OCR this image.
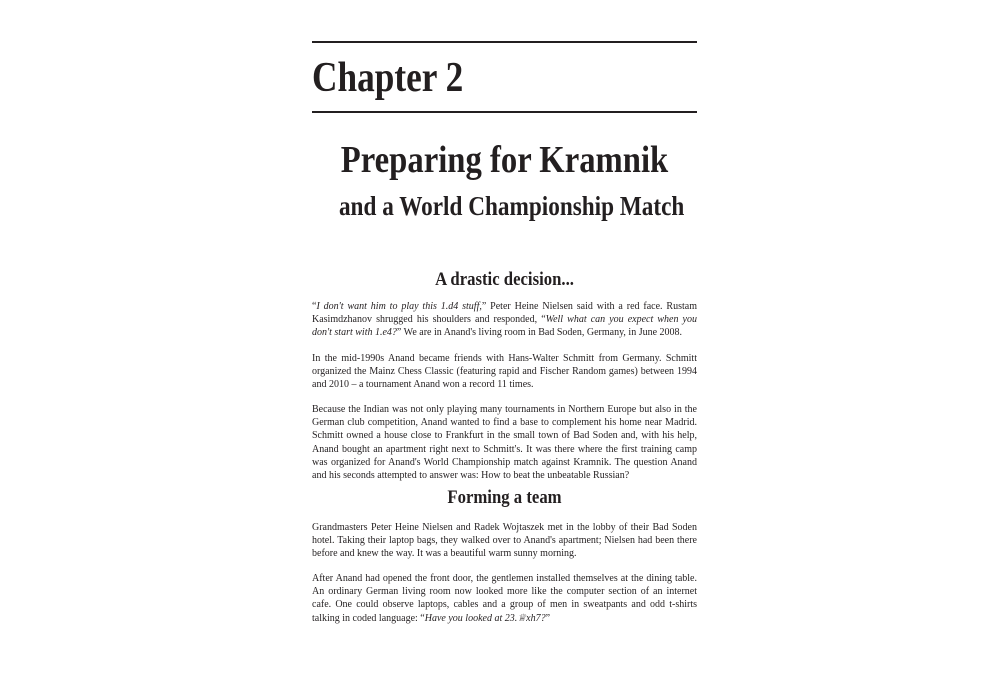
Chapter 2
Preparing for Kramnik
and a World Championship Match
A drastic decision...

“I don't want him to play this 1.d4 stuff,” Peter Heine Nielsen said with a red face. Rustam Kasimdzhanov shrugged his shoulders and responded, “Well what can you expect when you don't start with 1.e4?” We are in Anand's living room in Bad Soden, Germany, in June 2008.

In the mid-1990s Anand became friends with Hans-Walter Schmitt from Germany. Schmitt organized the Mainz Chess Classic (featuring rapid and Fischer Random games) between 1994 and 2010 – a tournament Anand won a record 11 times.

Because the Indian was not only playing many tournaments in Northern Europe but also in the German club competition, Anand wanted to find a base to complement his home near Madrid. Schmitt owned a house close to Frankfurt in the small town of Bad Soden and, with his help, Anand bought an apartment right next to Schmitt's. It was there where the first training camp was organized for Anand's World Championship match against Kramnik. The question Anand and his seconds attempted to answer was: How to beat the unbeatable Russian?

Forming a team

Grandmasters Peter Heine Nielsen and Radek Wojtaszek met in the lobby of their Bad Soden hotel. Taking their laptop bags, they walked over to Anand's apartment; Nielsen had been there before and knew the way. It was a beautiful warm sunny morning.

After Anand had opened the front door, the gentlemen installed themselves at the dining table. An ordinary German living room now looked more like the computer section of an internet cafe. One could observe laptops, cables and a group of men in sweatpants and odd t-shirts talking in coded language: “Have you looked at 23.♕xh7?”
